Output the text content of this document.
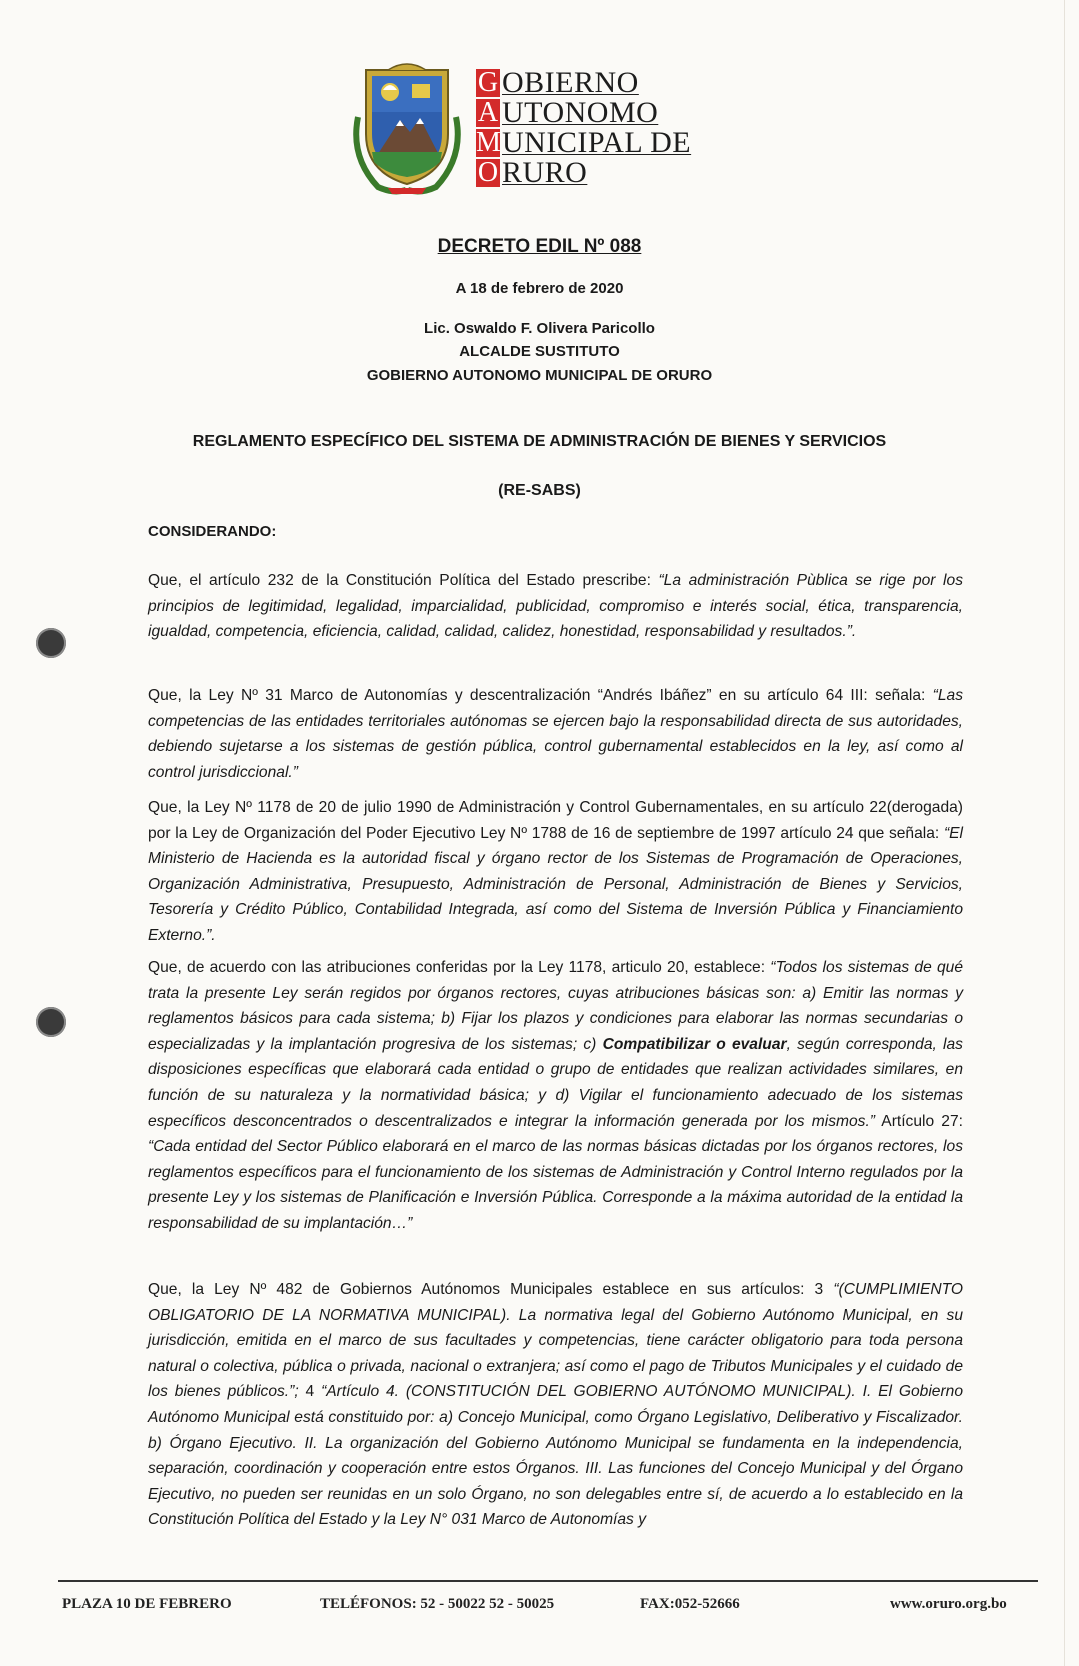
G OBIERNO
A UTONOMO
M UNICIPAL DE
O RURO
DECRETO EDIL Nº 088
A 18 de febrero de 2020
Lic. Oswaldo F. Olivera Paricollo
ALCALDE SUSTITUTO
GOBIERNO AUTONOMO MUNICIPAL DE ORURO
REGLAMENTO ESPECÍFICO DEL SISTEMA DE ADMINISTRACIÓN DE BIENES Y SERVICIOS
(RE-SABS)
CONSIDERANDO:
Que, el artículo 232 de la Constitución Política del Estado prescribe: “La administración Pùblica se rige por los principios de legitimidad, legalidad, imparcialidad, publicidad, compromiso e interés social, ética, transparencia, igualdad, competencia, eficiencia, calidad, calidad, calidez, honestidad, responsabilidad y resultados.”.
Que, la Ley Nº 31 Marco de Autonomías y descentralización “Andrés Ibáñez” en su artículo 64 III: señala: “Las competencias de las entidades territoriales autónomas se ejercen bajo la responsabilidad directa de sus autoridades, debiendo sujetarse a los sistemas de gestión pública, control gubernamental establecidos en la ley, así como al control jurisdiccional.”
Que, la Ley Nº 1178 de 20 de julio 1990 de Administración y Control Gubernamentales, en su artículo 22(derogada) por la Ley de Organización del Poder Ejecutivo Ley Nº 1788 de 16 de septiembre de 1997 artículo 24 que señala: “El Ministerio de Hacienda es la autoridad fiscal y órgano rector de los Sistemas de Programación de Operaciones, Organización Administrativa, Presupuesto, Administración de Personal, Administración de Bienes y Servicios, Tesorería y Crédito Público, Contabilidad Integrada, así como del Sistema de Inversión Pública y Financiamiento Externo.”.
Que, de acuerdo con las atribuciones conferidas por la Ley 1178, articulo 20, establece: “Todos los sistemas de qué trata la presente Ley serán regidos por órganos rectores, cuyas atribuciones básicas son: a) Emitir las normas y reglamentos básicos para cada sistema; b) Fijar los plazos y condiciones para elaborar las normas secundarias o especializadas y la implantación progresiva de los sistemas; c) Compatibilizar o evaluar, según corresponda, las disposiciones específicas que elaborará cada entidad o grupo de entidades que realizan actividades similares, en función de su naturaleza y la normatividad básica; y d) Vigilar el funcionamiento adecuado de los sistemas específicos desconcentrados o descentralizados e integrar la información generada por los mismos.” Artículo 27: “Cada entidad del Sector Público elaborará en el marco de las normas básicas dictadas por los órganos rectores, los reglamentos específicos para el funcionamiento de los sistemas de Administración y Control Interno regulados por la presente Ley y los sistemas de Planificación e Inversión Pública. Corresponde a la máxima autoridad de la entidad la responsabilidad de su implantación…”
Que, la Ley Nº 482 de Gobiernos Autónomos Municipales establece en sus artículos: 3 “(CUMPLIMIENTO OBLIGATORIO DE LA NORMATIVA MUNICIPAL). La normativa legal del Gobierno Autónomo Municipal, en su jurisdicción, emitida en el marco de sus facultades y competencias, tiene carácter obligatorio para toda persona natural o colectiva, pública o privada, nacional o extranjera; así como el pago de Tributos Municipales y el cuidado de los bienes públicos.”; 4 “Artículo 4. (CONSTITUCIÓN DEL GOBIERNO AUTÓNOMO MUNICIPAL). I. El Gobierno Autónomo Municipal está constituido por: a) Concejo Municipal, como Órgano Legislativo, Deliberativo y Fiscalizador. b) Órgano Ejecutivo. II. La organización del Gobierno Autónomo Municipal se fundamenta en la independencia, separación, coordinación y cooperación entre estos Órganos. III. Las funciones del Concejo Municipal y del Órgano Ejecutivo, no pueden ser reunidas en un solo Órgano, no son delegables entre sí, de acuerdo a lo establecido en la Constitución Política del Estado y la Ley N° 031 Marco de Autonomías y
PLAZA 10 DE FEBRERO	TELÉFONOS: 52 - 50022 52 - 50025	FAX:052-52666	www.oruro.org.bo
